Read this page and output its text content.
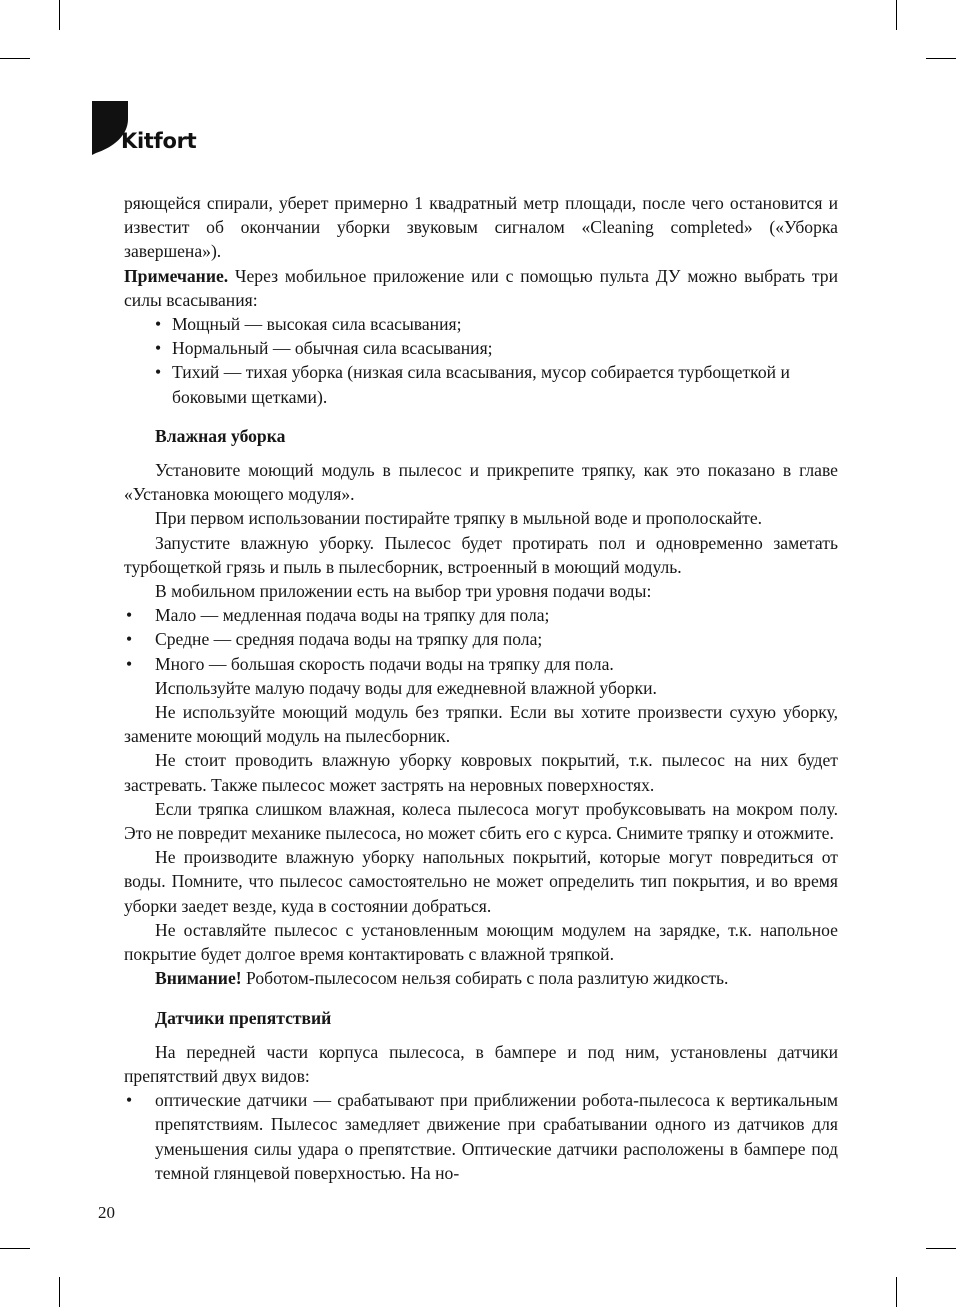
Kitfort

ряющейся спирали, уберет примерно 1 квадратный метр площади, после чего остановится и известит об окончании уборки звуковым сигналом «Cleaning completed» («Уборка завершена»).

Примечание. Через мобильное приложение или с помощью пульта ДУ можно выбрать три силы всасывания:

• Мощный — высокая сила всасывания;
• Нормальный — обычная сила всасывания;
• Тихий — тихая уборка (низкая сила всасывания, мусор собирается турбощеткой и боковыми щетками).

Влажная уборка

Установите моющий модуль в пылесос и прикрепите тряпку, как это показано в главе «Установка моющего модуля».

При первом использовании постирайте тряпку в мыльной воде и прополоскайте.

Запустите влажную уборку. Пылесос будет протирать пол и одновременно заметать турбощеткой грязь и пыль в пылесборник, встроенный в моющий модуль.

В мобильном приложении есть на выбор три уровня подачи воды:

• Мало — медленная подача воды на тряпку для пола;
• Средне — средняя подача воды на тряпку для пола;
• Много — большая скорость подачи воды на тряпку для пола.

Используйте малую подачу воды для ежедневной влажной уборки.

Не используйте моющий модуль без тряпки. Если вы хотите произвести сухую уборку, замените моющий модуль на пылесборник.

Не стоит проводить влажную уборку ковровых покрытий, т.к. пылесос на них будет застревать. Также пылесос может застрять на неровных поверхностях.

Если тряпка слишком влажная, колеса пылесоса могут пробуксовывать на мокром полу. Это не повредит механике пылесоса, но может сбить его с курса. Снимите тряпку и отожмите.

Не производите влажную уборку напольных покрытий, которые могут повредиться от воды. Помните, что пылесос самостоятельно не может определить тип покрытия, и во время уборки заедет везде, куда в состоянии добраться.

Не оставляйте пылесос с установленным моющим модулем на зарядке, т.к. напольное покрытие будет долгое время контактировать с влажной тряпкой.

Внимание! Роботом-пылесосом нельзя собирать с пола разлитую жидкость.

Датчики препятствий

На передней части корпуса пылесоса, в бампере и под ним, установлены датчики препятствий двух видов:

• оптические датчики — срабатывают при приближении робота-пылесоса к вертикальным препятствиям. Пылесос замедляет движение при срабатывании одного из датчиков для уменьшения силы удара о препятствие. Оптические датчики расположены в бампере под темной глянцевой поверхностью. На но-

20
